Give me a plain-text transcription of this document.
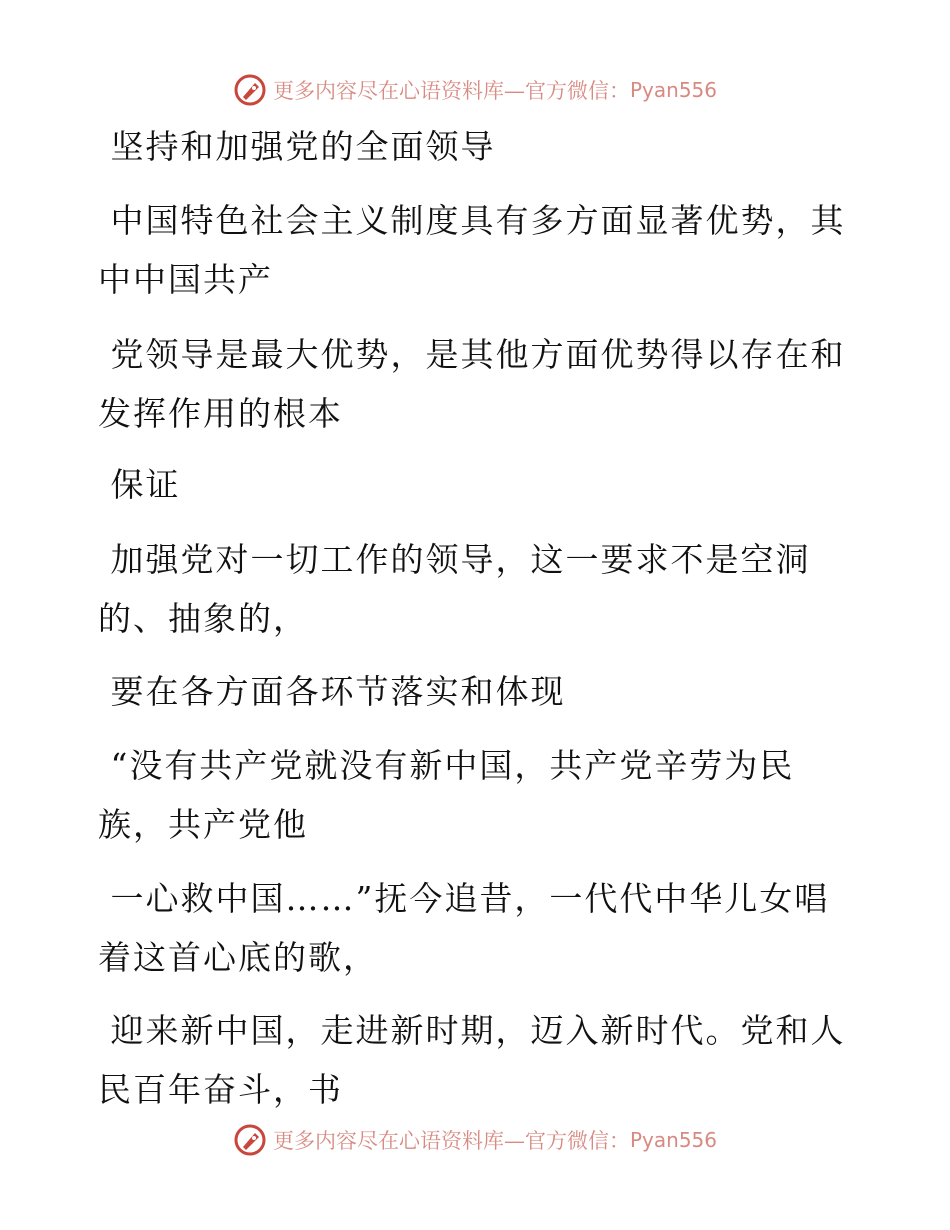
更多内容尽在心语资料库—官方微信： Pyan556
坚持和加强党的全面领导
中国特色社会主义制度具有多方面显著优势，其
中中国共产
党领导是最大优势，是其他方面优势得以存在和
发挥作用的根本
保证
加强党对一切工作的领导，这一要求不是空洞
的、抽象的，
要在各方面各环节落实和体现
“没有共产党就没有新中国，共产党辛劳为民
族，共产党他
一心救中国……”抚今追昔，一代代中华儿女唱
着这首心底的歌，
迎来新中国，走进新时期，迈入新时代。党和人
民百年奋斗，书
更多内容尽在心语资料库—官方微信： Pyan556
